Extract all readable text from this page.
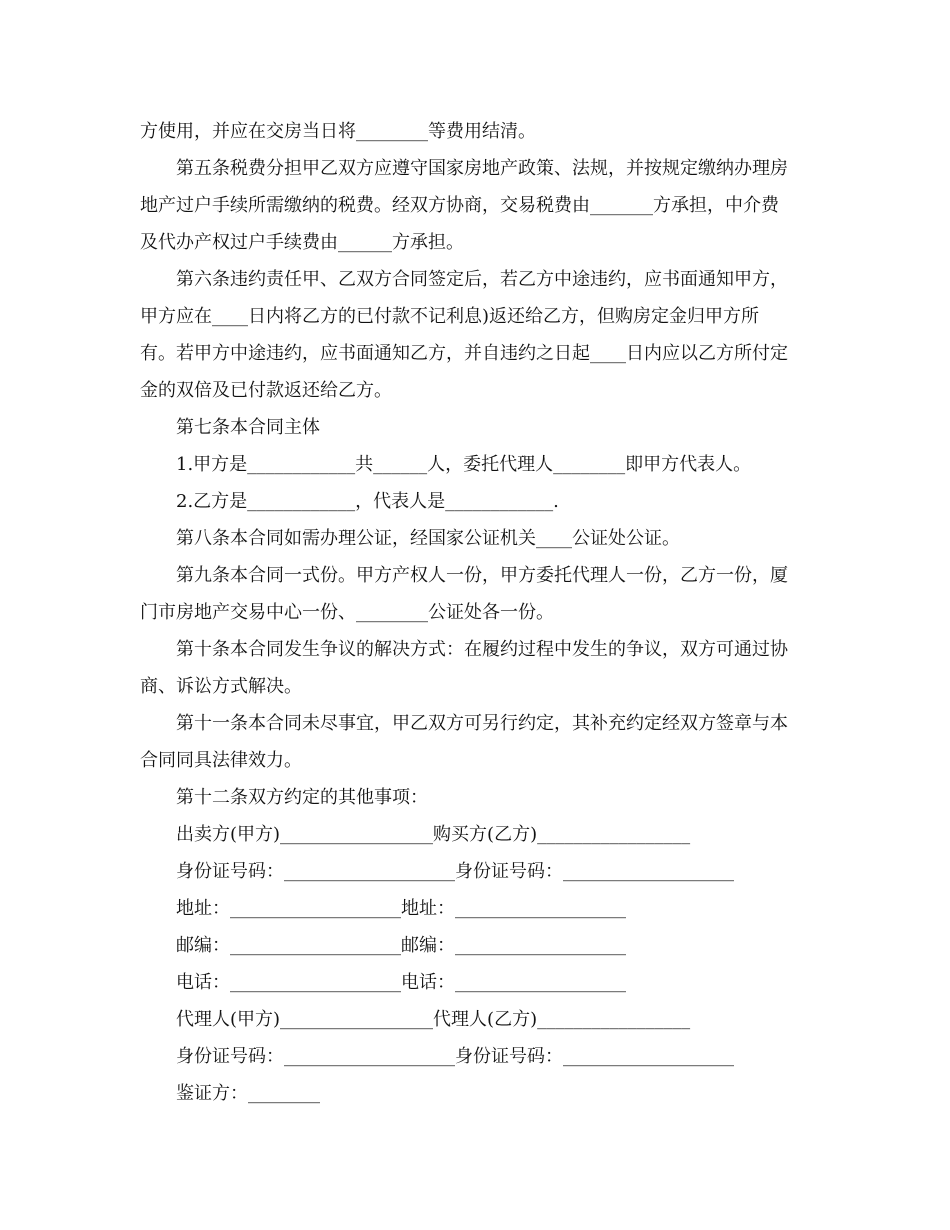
方使用，并应在交房当日将________等费用结清。
第五条税费分担甲乙双方应遵守国家房地产政策、法规，并按规定缴纳办理房
地产过户手续所需缴纳的税费。经双方协商，交易税费由_______方承担，中介费
及代办产权过户手续费由______方承担。
第六条违约责任甲、乙双方合同签定后，若乙方中途违约，应书面通知甲方，
甲方应在____日内将乙方的已付款不记利息)返还给乙方，但购房定金归甲方所
有。若甲方中途违约，应书面通知乙方，并自违约之日起____日内应以乙方所付定
金的双倍及已付款返还给乙方。
第七条本合同主体
1.甲方是____________共______人，委托代理人________即甲方代表人。
2.乙方是____________，代表人是____________.
第八条本合同如需办理公证，经国家公证机关____公证处公证。
第九条本合同一式份。甲方产权人一份，甲方委托代理人一份，乙方一份，厦
门市房地产交易中心一份、________公证处各一份。
第十条本合同发生争议的解决方式：在履约过程中发生的争议，双方可通过协
商、诉讼方式解决。
第十一条本合同未尽事宜，甲乙双方可另行约定，其补充约定经双方签章与本
合同同具法律效力。
第十二条双方约定的其他事项：
出卖方(甲方)_________________购买方(乙方)_________________
身份证号码：___________________身份证号码：___________________
地址：___________________地址：___________________
邮编：___________________邮编：___________________
电话：___________________电话：___________________
代理人(甲方)_________________代理人(乙方)_________________
身份证号码：___________________身份证号码：___________________
鉴证方：________
